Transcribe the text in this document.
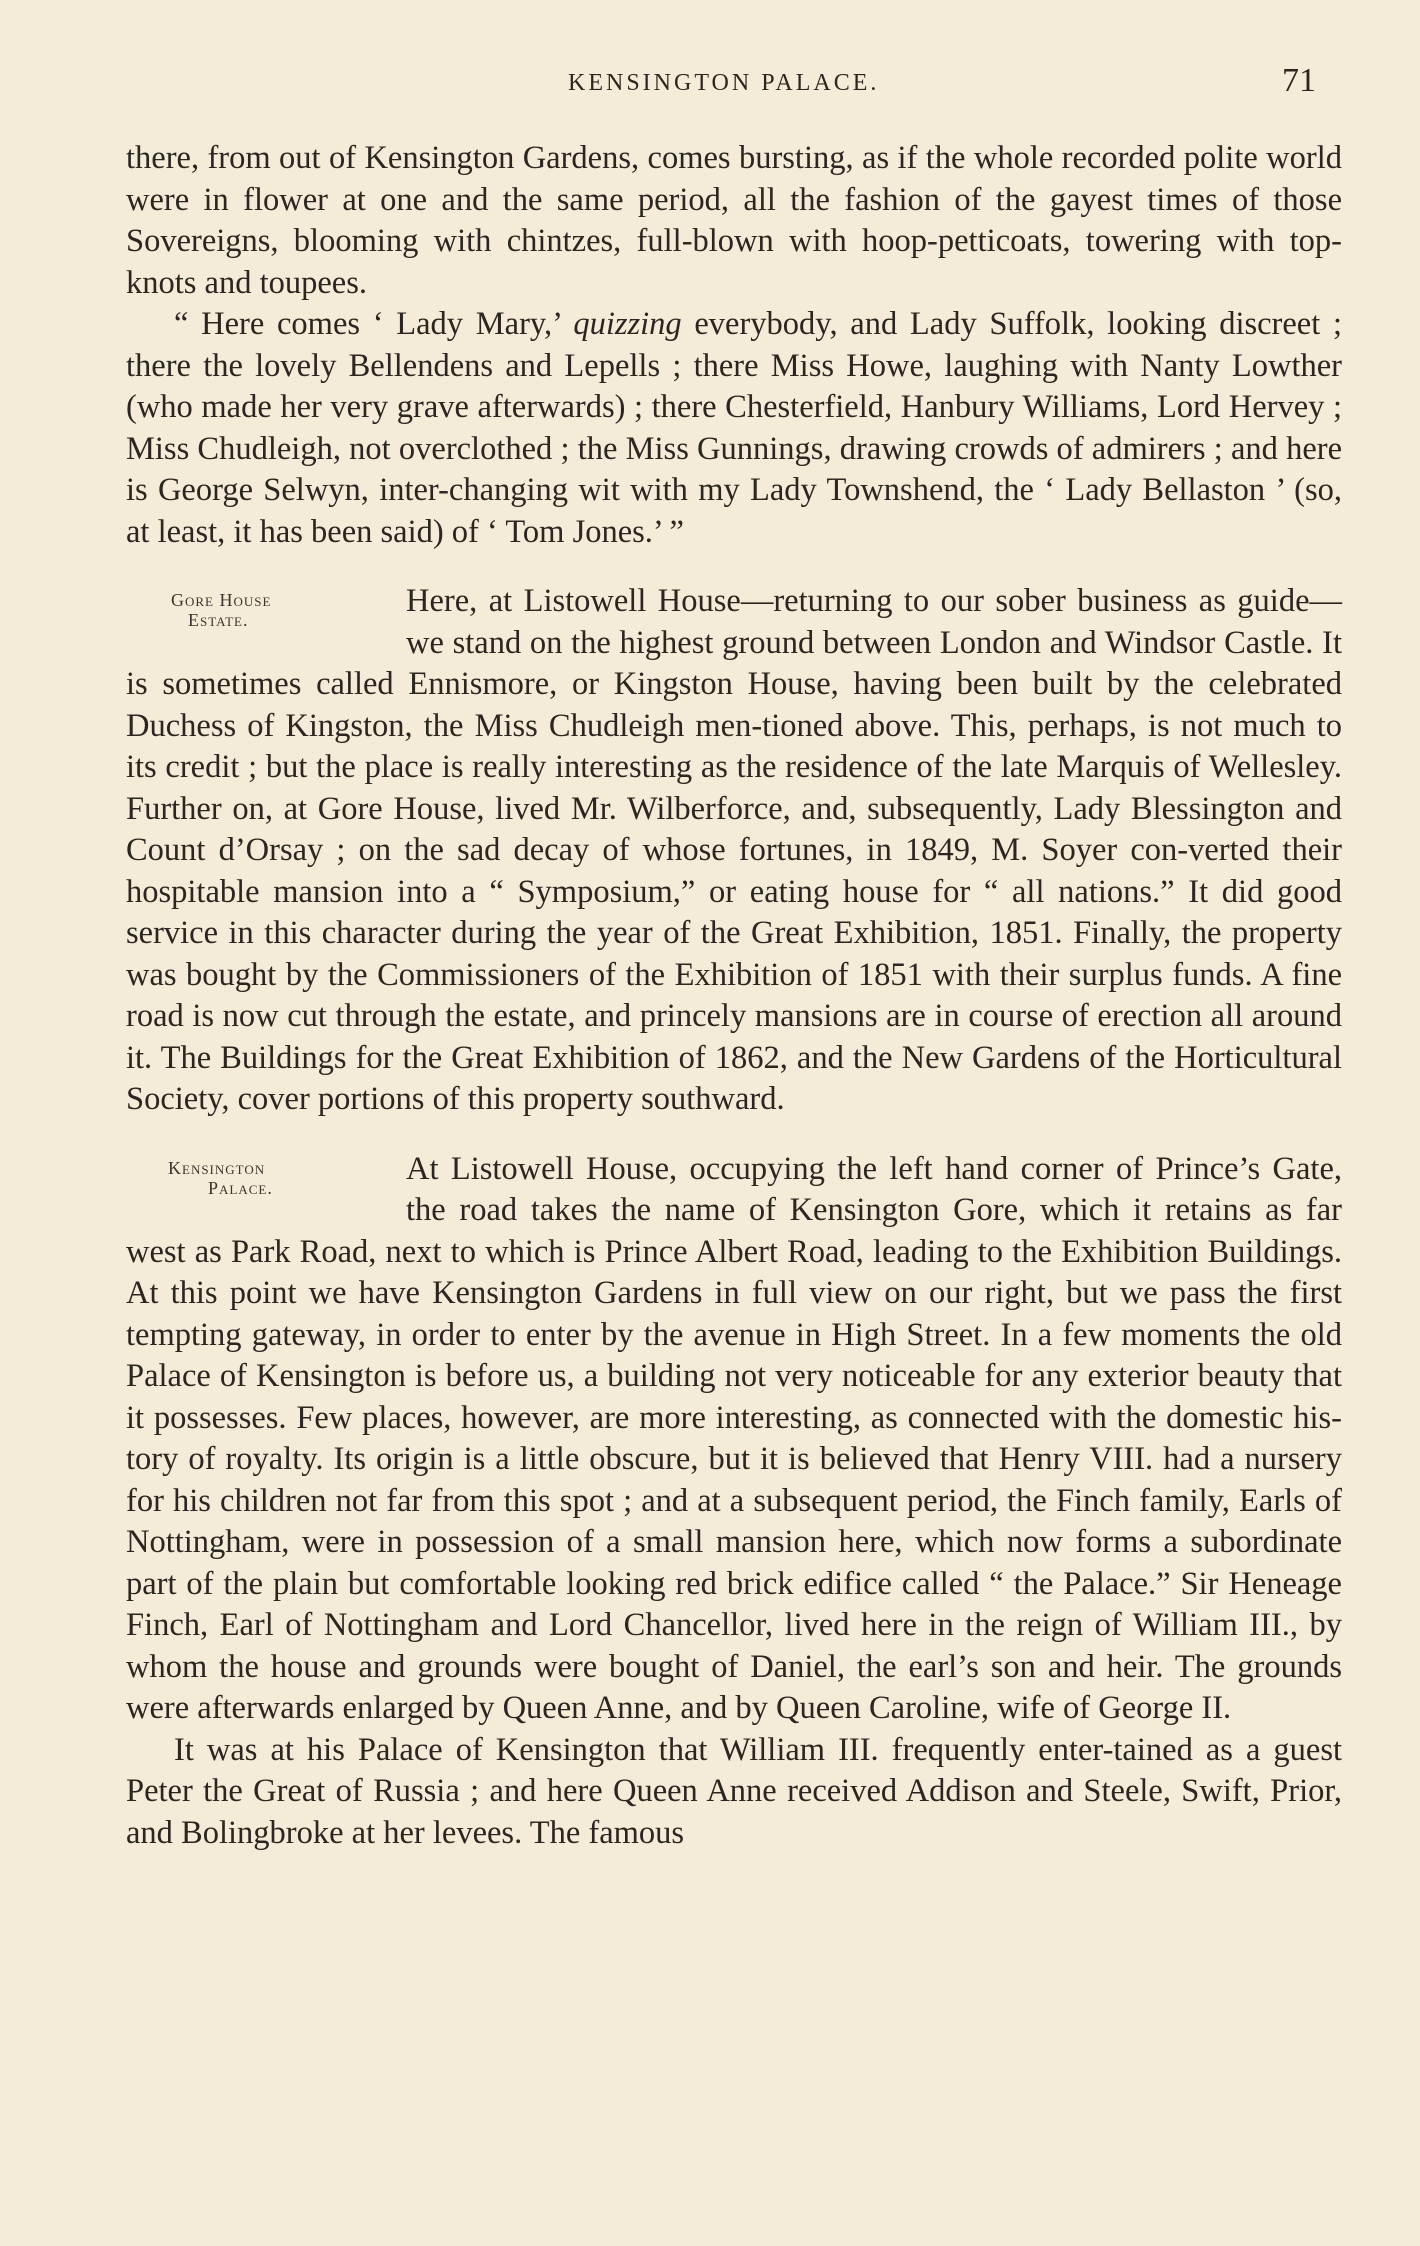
KENSINGTON PALACE.	71

there, from out of Kensington Gardens, comes bursting, as if the whole recorded polite world were in flower at one and the same period, all the fashion of the gayest times of those Sovereigns, blooming with chintzes, full-blown with hoop-petticoats, towering with top-knots and toupees.

“ Here comes ‘ Lady Mary,’ quizzing everybody, and Lady Suffolk, looking discreet ; there the lovely Bellendens and Lepells ; there Miss Howe, laughing with Nanty Lowther (who made her very grave afterwards) ; there Chesterfield, Hanbury Williams, Lord Hervey ; Miss Chudleigh, not overclothed ; the Miss Gunnings, drawing crowds of admirers ; and here is George Selwyn, inter-changing wit with my Lady Townshend, the ‘ Lady Bellaston ’ (so, at least, it has been said) of ‘ Tom Jones.’ ”

Gore House
Estate.

Here, at Listowell House—returning to our sober business as guide—we stand on the highest ground between London and Windsor Castle. It is sometimes called Ennismore, or Kingston House, having been built by the celebrated Duchess of Kingston, the Miss Chudleigh men-tioned above. This, perhaps, is not much to its credit ; but the place is really interesting as the residence of the late Marquis of Wellesley. Further on, at Gore House, lived Mr. Wilberforce, and, subsequently, Lady Blessington and Count d’Orsay ; on the sad decay of whose fortunes, in 1849, M. Soyer con-verted their hospitable mansion into a “ Symposium,” or eating house for “ all nations.” It did good service in this character during the year of the Great Exhibition, 1851. Finally, the property was bought by the Commissioners of the Exhibition of 1851 with their surplus funds. A fine road is now cut through the estate, and princely mansions are in course of erection all around it. The Buildings for the Great Exhibition of 1862, and the New Gardens of the Horticultural Society, cover portions of this property southward.

Kensington
Palace.

At Listowell House, occupying the left hand corner of Prince’s Gate, the road takes the name of Kensington Gore, which it retains as far west as Park Road, next to which is Prince Albert Road, leading to the Exhibition Buildings. At this point we have Kensington Gardens in full view on our right, but we pass the first tempting gateway, in order to enter by the avenue in High Street. In a few moments the old Palace of Kensington is before us, a building not very noticeable for any exterior beauty that it possesses. Few places, however, are more interesting, as connected with the domestic his-tory of royalty. Its origin is a little obscure, but it is believed that Henry VIII. had a nursery for his children not far from this spot ; and at a subsequent period, the Finch family, Earls of Nottingham, were in possession of a small mansion here, which now forms a subordinate part of the plain but comfortable looking red brick edifice called “ the Palace.” Sir Heneage Finch, Earl of Nottingham and Lord Chancellor, lived here in the reign of William III., by whom the house and grounds were bought of Daniel, the earl’s son and heir. The grounds were afterwards enlarged by Queen Anne, and by Queen Caroline, wife of George II.

It was at his Palace of Kensington that William III. frequently enter-tained as a guest Peter the Great of Russia ; and here Queen Anne received Addison and Steele, Swift, Prior, and Bolingbroke at her levees. The famous
